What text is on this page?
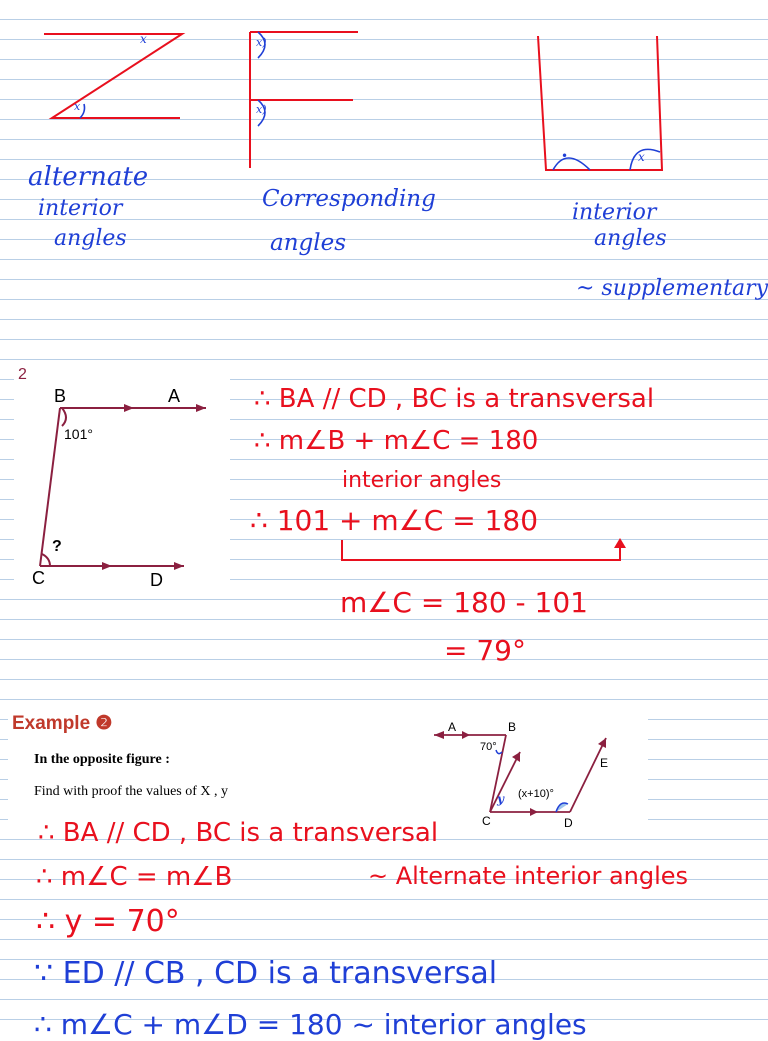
x
x
x)
x)
•	x
alternate
interior
angles
Corresponding
angles
interior
angles
~ supplementary
2
B	A
C	D
101°
?
∴ BA // CD , BC is a transversal
∴ m∠B + m∠C = 180
interior angles
∴ 101 + m∠C = 180
m∠C = 180 - 101
= 79°
Example ❷
In the opposite figure :
Find with proof the values of X , y
A	B
70°
E
(x+10)°
y
C	D
∴ BA // CD , BC is a transversal
∴ m∠C = m∠B	~ Alternate interior angles
∴ y = 70°
∵ ED // CB , CD is a transversal
∴ m∠C + m∠D = 180 ~ interior angles
